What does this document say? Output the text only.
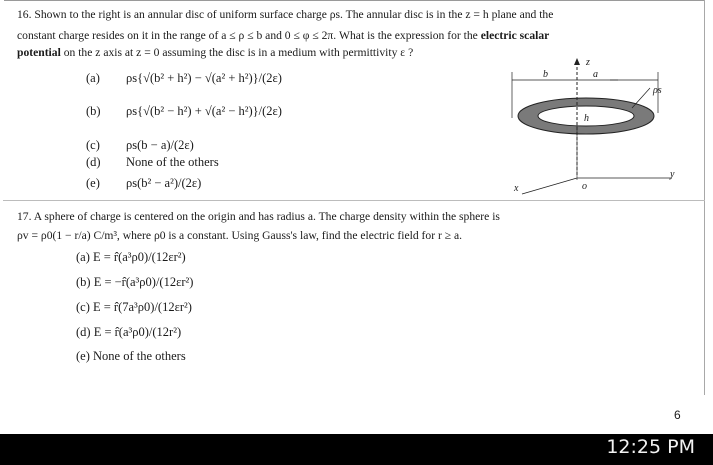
16. Shown to the right is an annular disc of uniform surface charge ρs. The annular disc is in the z = h plane and the
constant charge resides on it in the range of a ≤ ρ ≤ b and 0 ≤ φ ≤ 2π. What is the expression for the electric scalar
potential on the z axis at z = 0 assuming the disc is in a medium with permittivity ε ?
(a) ρs{√(b² + h²) − √(a² + h²)}/(2ε)
(b) ρs{√(b² − h²) + √(a² − h²)}/(2ε)
(c) ρs(b − a)/(2ε)
(d) None of the others
(e) ρs(b² − a²)/(2ε)
b	a
z
ρs
h
x	o
y
17. A sphere of charge is centered on the origin and has radius a. The charge density within the sphere is
ρv = ρ0(1 − r/a) C/m³, where ρ0 is a constant. Using Gauss's law, find the electric field for r ≥ a.
(a) E = r̂(a³ρ0)/(12εr²)
(b) E = −r̂(a³ρ0)/(12εr²)
(c) E = r̂(7a³ρ0)/(12εr²)
(d) E = r̂(a³ρ0)/(12r²)
(e) None of the others
6
12:25 PM
